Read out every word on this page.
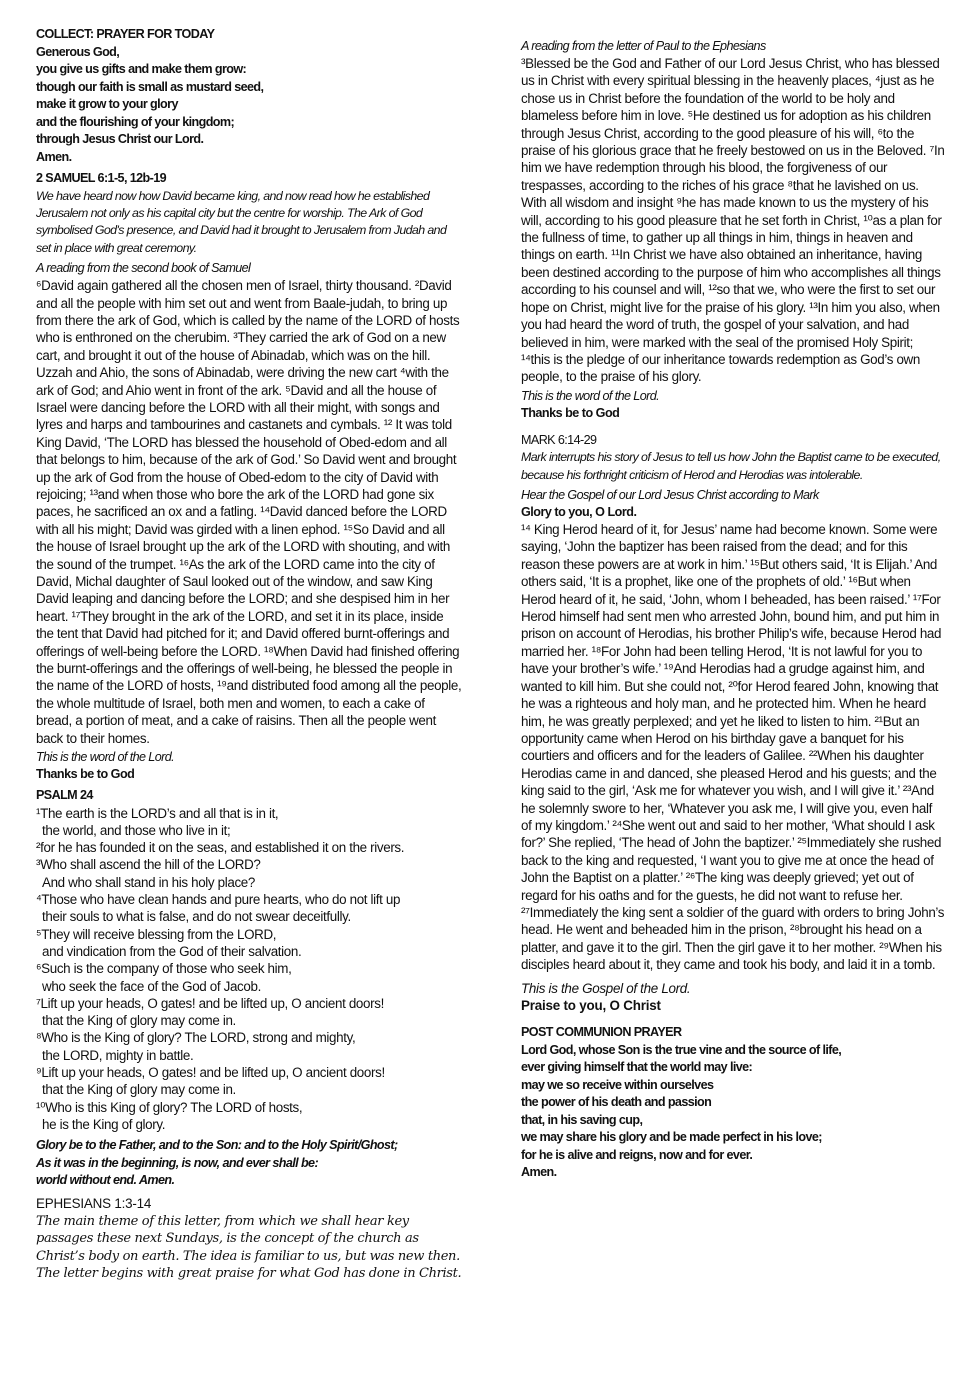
COLLECT: PRAYER FOR TODAY
Generous God,
you give us gifts and make them grow:
though our faith is small as mustard seed,
make it grow to your glory
and the flourishing of your kingdom;
through Jesus Christ our Lord.
Amen.
2 SAMUEL 6:1-5, 12b-19

We have heard now how David became king, and now read how he established Jerusalem not only as his capital city but the centre for worship. The Ark of God symbolised God's presence, and David had it brought to Jerusalem from Judah and set in place with great ceremony.

A reading from the second book of Samuel

⁶David again gathered all the chosen men of Israel, thirty thousand. ²David and all the people with him set out and went from Baale-judah, to bring up from there the ark of God, which is called by the name of the LORD of hosts who is enthroned on the cherubim. ³They carried the ark of God on a new cart, and brought it out of the house of Abinadab, which was on the hill. Uzzah and Ahio, the sons of Abinadab, were driving the new cart ⁴with the ark of God; and Ahio went in front of the ark. ⁵David and all the house of Israel were dancing before the LORD with all their might, with songs and lyres and harps and tambourines and castanets and cymbals. ¹² It was told King David, ‘The LORD has blessed the household of Obed-edom and all that belongs to him, because of the ark of God.’ So David went and brought up the ark of God from the house of Obed-edom to the city of David with rejoicing; ¹³and when those who bore the ark of the LORD had gone six paces, he sacrificed an ox and a fatling. ¹⁴David danced before the LORD with all his might; David was girded with a linen ephod. ¹⁵So David and all the house of Israel brought up the ark of the LORD with shouting, and with the sound of the trumpet. ¹⁶As the ark of the LORD came into the city of David, Michal daughter of Saul looked out of the window, and saw King David leaping and dancing before the LORD; and she despised him in her heart. ¹⁷They brought in the ark of the LORD, and set it in its place, inside the tent that David had pitched for it; and David offered burnt-offerings and offerings of well-being before the LORD. ¹⁸When David had finished offering the burnt-offerings and the offerings of well-being, he blessed the people in the name of the LORD of hosts, ¹⁹and distributed food among all the people, the whole multitude of Israel, both men and women, to each a cake of bread, a portion of meat, and a cake of raisins. Then all the people went back to their homes.

This is the word of the Lord.
Thanks be to God
PSALM 24
¹The earth is the LORD’s and all that is in it,
the world, and those who live in it;
²for he has founded it on the seas, and established it on the rivers.
³Who shall ascend the hill of the LORD?
And who shall stand in his holy place?
⁴Those who have clean hands and pure hearts, who do not lift up
their souls to what is false, and do not swear deceitfully.
⁵They will receive blessing from the LORD,
and vindication from the God of their salvation.
⁶Such is the company of those who seek him,
who seek the face of the God of Jacob.
⁷Lift up your heads, O gates! and be lifted up, O ancient doors!
that the King of glory may come in.
⁸Who is the King of glory? The LORD, strong and mighty,
the LORD, mighty in battle.
⁹Lift up your heads, O gates! and be lifted up, O ancient doors!
that the King of glory may come in.
¹⁰Who is this King of glory? The LORD of hosts,
he is the King of glory.
Glory be to the Father, and to the Son: and to the Holy Spirit/Ghost;
As it was in the beginning, is now, and ever shall be:
world without end. Amen.
EPHESIANS 1:3-14

The main theme of this letter, from which we shall hear key passages these next Sundays, is the concept of the church as Christ’s body on earth. The idea is familiar to us, but was new then. The letter begins with great praise for what God has done in Christ.

A reading from the letter of Paul to the Ephesians

³Blessed be the God and Father of our Lord Jesus Christ, who has blessed us in Christ with every spiritual blessing in the heavenly places, ⁴just as he chose us in Christ before the foundation of the world to be holy and blameless before him in love. ⁵He destined us for adoption as his children through Jesus Christ, according to the good pleasure of his will, ⁶to the praise of his glorious grace that he freely bestowed on us in the Beloved. ⁷In him we have redemption through his blood, the forgiveness of our trespasses, according to the riches of his grace ⁸that he lavished on us. With all wisdom and insight ⁹he has made known to us the mystery of his will, according to his good pleasure that he set forth in Christ, ¹⁰as a plan for the fullness of time, to gather up all things in him, things in heaven and things on earth. ¹¹In Christ we have also obtained an inheritance, having been destined according to the purpose of him who accomplishes all things according to his counsel and will, ¹²so that we, who were the first to set our hope on Christ, might live for the praise of his glory. ¹³In him you also, when you had heard the word of truth, the gospel of your salvation, and had believed in him, were marked with the seal of the promised Holy Spirit; ¹⁴this is the pledge of our inheritance towards redemption as God’s own people, to the praise of his glory.

This is the word of the Lord.
Thanks be to God
MARK 6:14-29

Mark interrupts his story of Jesus to tell us how John the Baptist came to be executed, because his forthright criticism of Herod and Herodias was intolerable.

Hear the Gospel of our Lord Jesus Christ according to Mark
Glory to you, O Lord.

¹⁴ King Herod heard of it, for Jesus’ name had become known. Some were saying, ‘John the baptizer has been raised from the dead; and for this reason these powers are at work in him.’ ¹⁵But others said, ‘It is Elijah.’ And others said, ‘It is a prophet, like one of the prophets of old.’ ¹⁶But when Herod heard of it, he said, ‘John, whom I beheaded, has been raised.’ ¹⁷For Herod himself had sent men who arrested John, bound him, and put him in prison on account of Herodias, his brother Philip’s wife, because Herod had married her. ¹⁸For John had been telling Herod, ‘It is not lawful for you to have your brother’s wife.’ ¹⁹And Herodias had a grudge against him, and wanted to kill him. But she could not, ²⁰for Herod feared John, knowing that he was a righteous and holy man, and he protected him. When he heard him, he was greatly perplexed; and yet he liked to listen to him. ²¹But an opportunity came when Herod on his birthday gave a banquet for his courtiers and officers and for the leaders of Galilee. ²²When his daughter Herodias came in and danced, she pleased Herod and his guests; and the king said to the girl, ‘Ask me for whatever you wish, and I will give it.’ ²³And he solemnly swore to her, ‘Whatever you ask me, I will give you, even half of my kingdom.’ ²⁴She went out and said to her mother, ‘What should I ask for?’ She replied, ‘The head of John the baptizer.’ ²⁵Immediately she rushed back to the king and requested, ‘I want you to give me at once the head of John the Baptist on a platter.’ ²⁶The king was deeply grieved; yet out of regard for his oaths and for the guests, he did not want to refuse her. ²⁷Immediately the king sent a soldier of the guard with orders to bring John’s head. He went and beheaded him in the prison, ²⁸brought his head on a platter, and gave it to the girl. Then the girl gave it to her mother. ²⁹When his disciples heard about it, they came and took his body, and laid it in a tomb.

This is the Gospel of the Lord.
Praise to you, O Christ
POST COMMUNION PRAYER
Lord God, whose Son is the true vine and the source of life,
ever giving himself that the world may live:
may we so receive within ourselves
the power of his death and passion
that, in his saving cup,
we may share his glory and be made perfect in his love;
for he is alive and reigns, now and for ever.
Amen.
